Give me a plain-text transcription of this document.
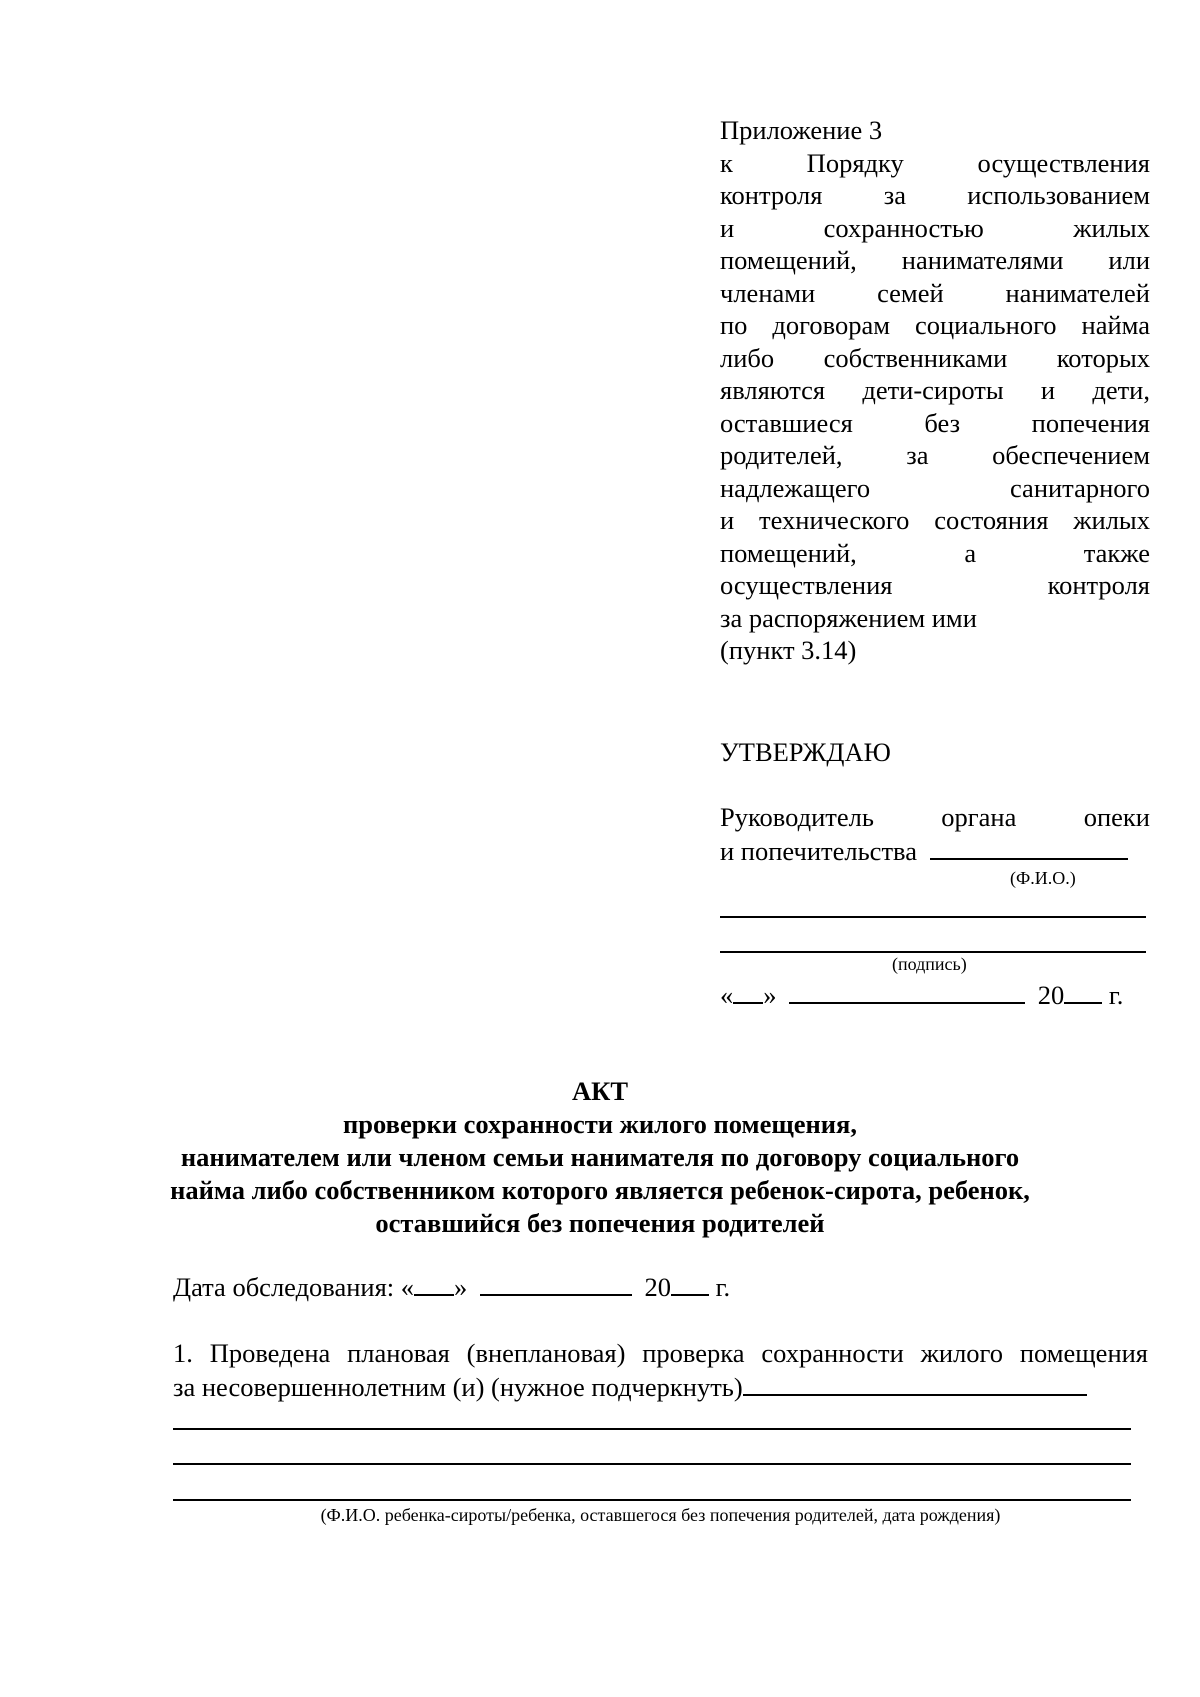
Приложение 3
к Порядку осуществления
контроля за использованием
и сохранностью жилых
помещений, нанимателями или
членами семей нанимателей
по договорам социального найма
либо собственниками которых
являются дети-сироты и дети,
оставшиеся без попечения
родителей, за обеспечением
надлежащего санитарного
и технического состояния жилых
помещений, а также
осуществления контроля
за распоряжением ими
(пункт 3.14)
УТВЕРЖДАЮ
Руководитель органа опеки
и попечительства
(Ф.И.О.)
(подпись)
« »	20 г.
АКТ
проверки сохранности жилого помещения,
нанимателем или членом семьи нанимателя по договору социального
найма либо собственником которого является ребенок-сирота, ребенок,
оставшийся без попечения родителей
Дата обследования: « »	20 г.
1. Проведена плановая (внеплановая) проверка сохранности жилого помещения
за несовершеннолетним (и) (нужное подчеркнуть)
(Ф.И.О. ребенка-сироты/ребенка, оставшегося без попечения родителей, дата рождения)
